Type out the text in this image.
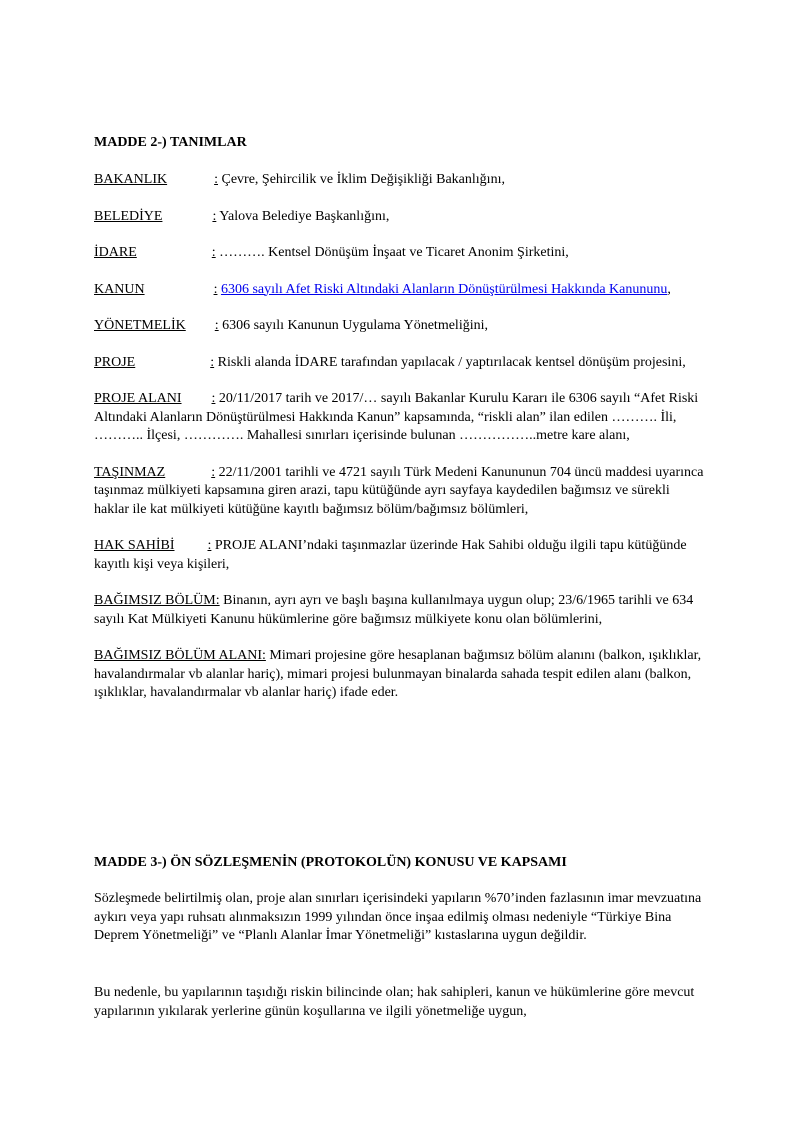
MADDE 2-) TANIMLAR

BAKANLIK	: Çevre, Şehircilik ve İklim Değişikliği Bakanlığını,

BELEDİYE	: Yalova Belediye Başkanlığını,

İDARE	: ………. Kentsel Dönüşüm İnşaat ve Ticaret Anonim Şirketini,

KANUN	: 6306 sayılı Afet Riski Altındaki Alanların Dönüştürülmesi Hakkında Kanununu,

YÖNETMELİK : 6306 sayılı Kanunun Uygulama Yönetmeliğini,

PROJE	: Riskli alanda İDARE tarafından yapılacak / yaptırılacak kentsel dönüşüm projesini,

PROJE ALANI : 20/11/2017 tarih ve 2017/… sayılı Bakanlar Kurulu Kararı ile 6306 sayılı “Afet Riski Altındaki Alanların Dönüştürülmesi Hakkında Kanun” kapsamında, “riskli alan” ilan edilen ………. İli, ……….. İlçesi, …………. Mahallesi sınırları içerisinde bulunan ……………..metre kare alanı,

TAŞINMAZ	: 22/11/2001 tarihli ve 4721 sayılı Türk Medeni Kanununun 704 üncü maddesi uyarınca taşınmaz mülkiyeti kapsamına giren arazi, tapu kütüğünde ayrı sayfaya kaydedilen bağımsız ve sürekli haklar ile kat mülkiyeti kütüğüne kayıtlı bağımsız bölüm/bağımsız bölümleri,

HAK SAHİBİ : PROJE ALANI’ndaki taşınmazlar üzerinde Hak Sahibi olduğu ilgili tapu kütüğünde kayıtlı kişi veya kişileri,

BAĞIMSIZ BÖLÜM: Binanın, ayrı ayrı ve başlı başına kullanılmaya uygun olup; 23/6/1965 tarihli ve 634 sayılı Kat Mülkiyeti Kanunu hükümlerine göre bağımsız mülkiyete konu olan bölümlerini,

BAĞIMSIZ BÖLÜM ALANI: Mimari projesine göre hesaplanan bağımsız bölüm alanını (balkon, ışıklıklar, havalandırmalar vb alanlar hariç), mimari projesi bulunmayan binalarda sahada tespit edilen alanı (balkon, ışıklıklar, havalandırmalar vb alanlar hariç) ifade eder.

MADDE 3-) ÖN SÖZLEŞMENİN (PROTOKOLÜN) KONUSU VE KAPSAMI

Sözleşmede belirtilmiş olan, proje alan sınırları içerisindeki yapıların %70’inden fazlasının imar mevzuatına aykırı veya yapı ruhsatı alınmaksızın 1999 yılından önce inşaa edilmiş olması nedeniyle “Türkiye Bina Deprem Yönetmeliği” ve “Planlı Alanlar İmar Yönetmeliği” kıstaslarına uygun değildir.

Bu nedenle, bu yapılarının taşıdığı riskin bilincinde olan; hak sahipleri, kanun ve hükümlerine göre mevcut yapılarının yıkılarak yerlerine günün koşullarına ve ilgili yönetmeliğe uygun,
